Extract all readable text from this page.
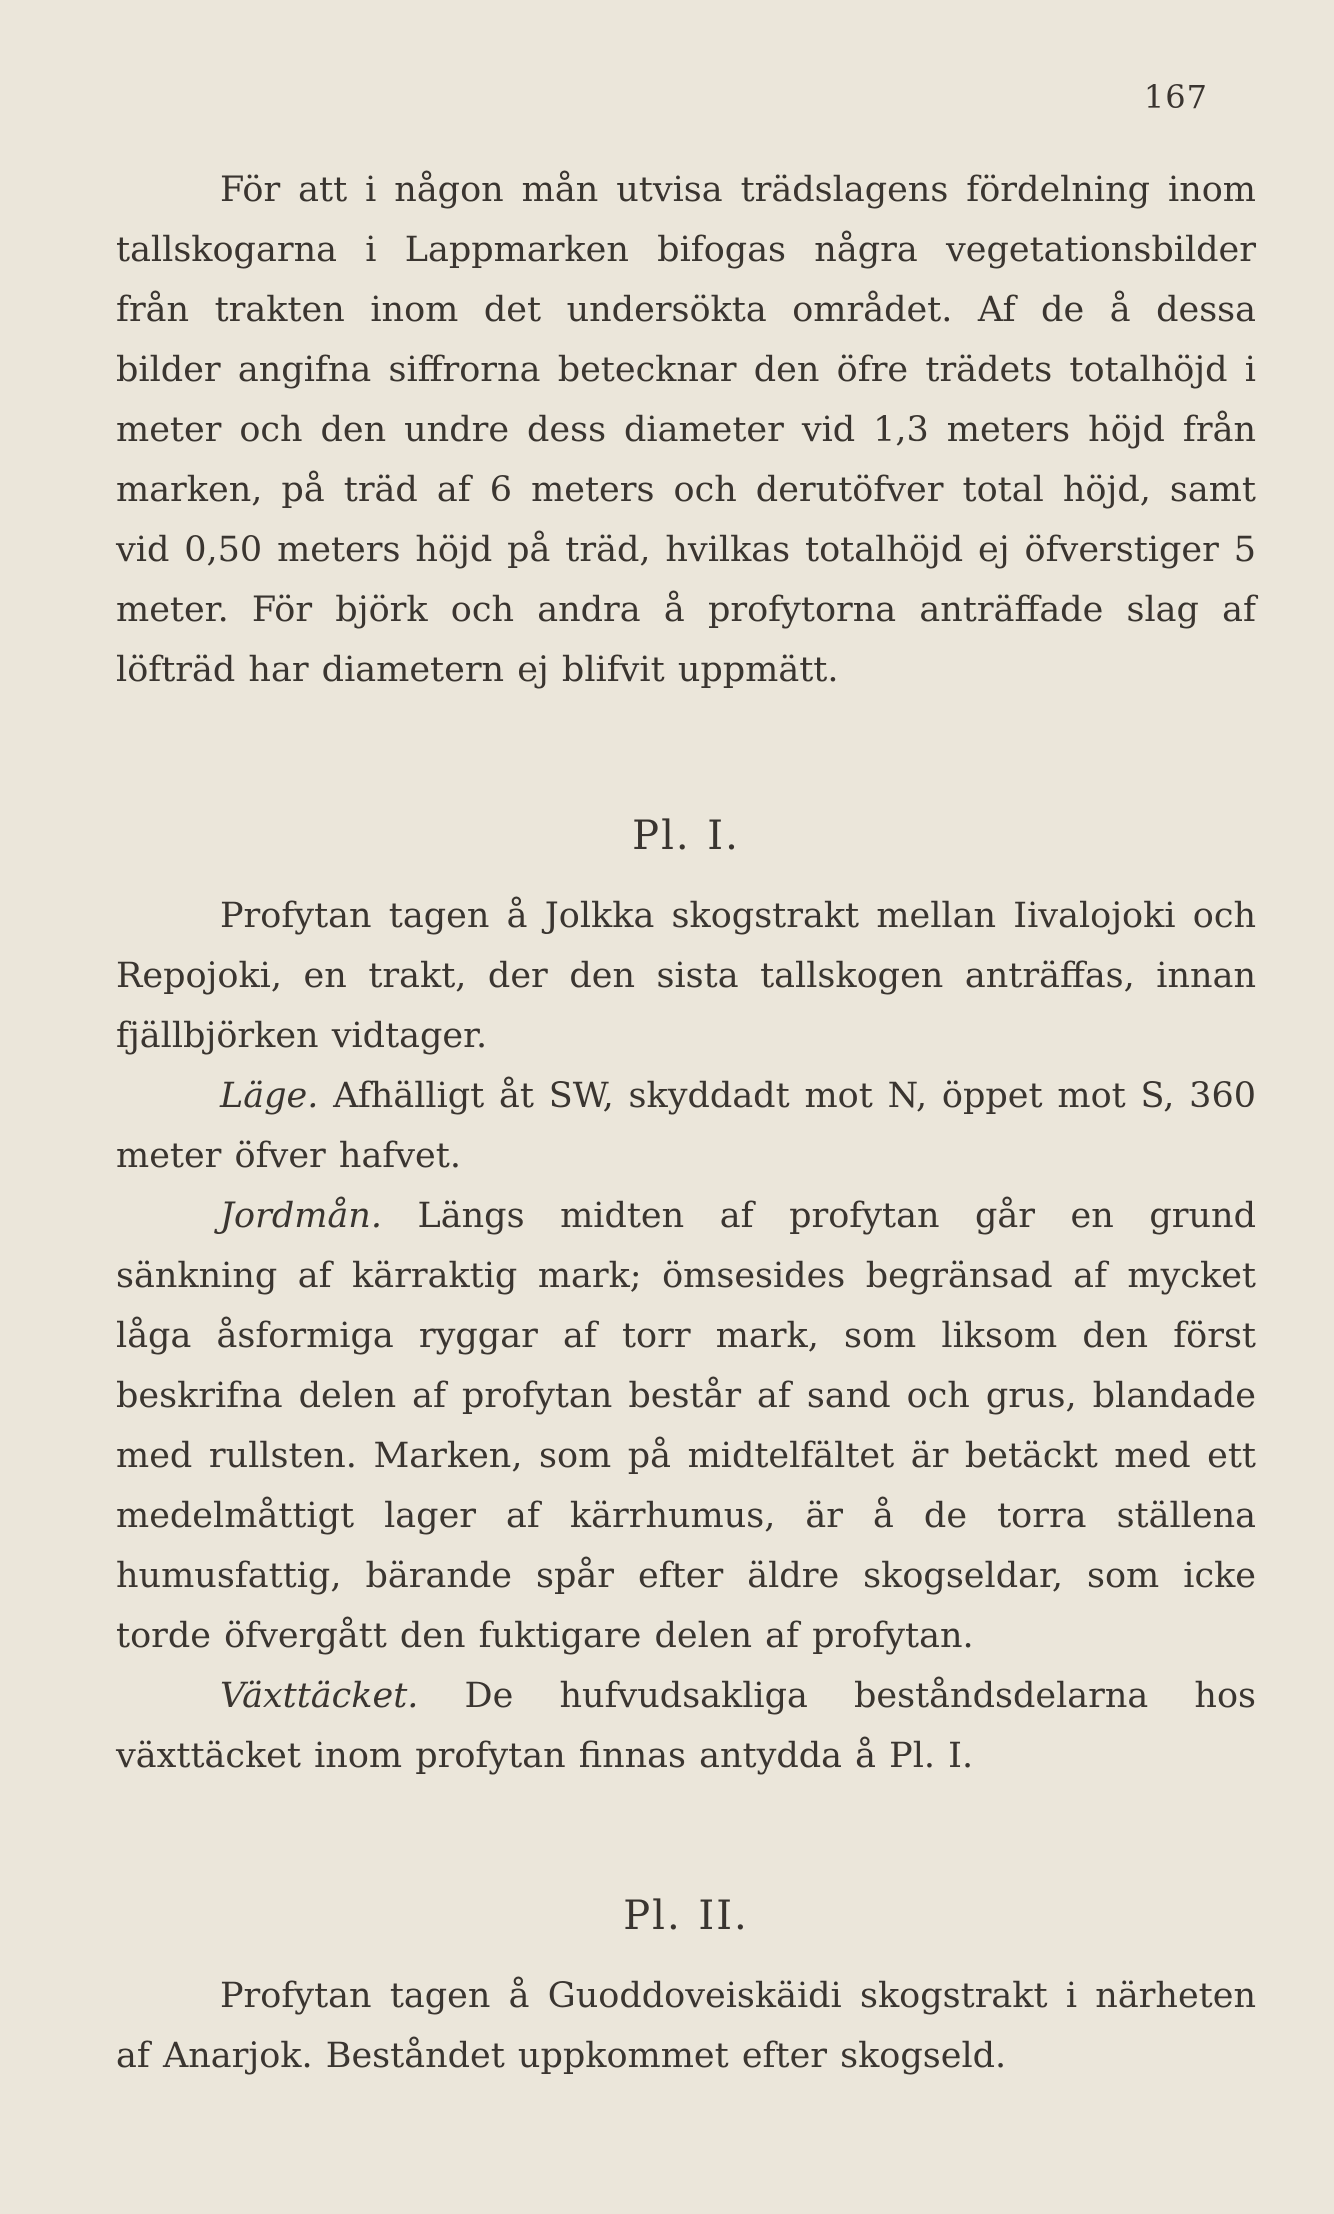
167

För att i någon mån utvisa trädslagens fördelning inom tallskogarna i Lappmarken bifogas några vegetationsbilder från trakten inom det undersökta området. Af de å dessa bilder angifna siffrorna betecknar den öfre trädets totalhöjd i meter och den undre dess diameter vid 1,3 meters höjd från marken, på träd af 6 meters och derutöfver total höjd, samt vid 0,50 meters höjd på träd, hvilkas totalhöjd ej öfverstiger 5 meter. För björk och andra å profytorna anträffade slag af löfträd har diametern ej blifvit uppmätt.

Pl. I.

Profytan tagen å Jolkka skogstrakt mellan Iivalojoki och Repojoki, en trakt, der den sista tallskogen anträffas, innan fjällbjörken vidtager.

Läge. Afhälligt åt SW, skyddadt mot N, öppet mot S, 360 meter öfver hafvet.

Jordmån. Längs midten af profytan går en grund sänkning af kärraktig mark; ömsesides begränsad af mycket låga åsformiga ryggar af torr mark, som liksom den först beskrifna delen af profytan består af sand och grus, blandade med rullsten. Marken, som på midtelfältet är betäckt med ett medelmåttigt lager af kärrhumus, är å de torra ställena humusfattig, bärande spår efter äldre skogseldar, som icke torde öfvergått den fuktigare delen af profytan.

Växttäcket. De hufvudsakliga beståndsdelarna hos växttäcket inom profytan finnas antydda å Pl. I.

Pl. II.

Profytan tagen å Guoddoveiskäidi skogstrakt i närheten af Anarjok. Beståndet uppkommet efter skogseld.
